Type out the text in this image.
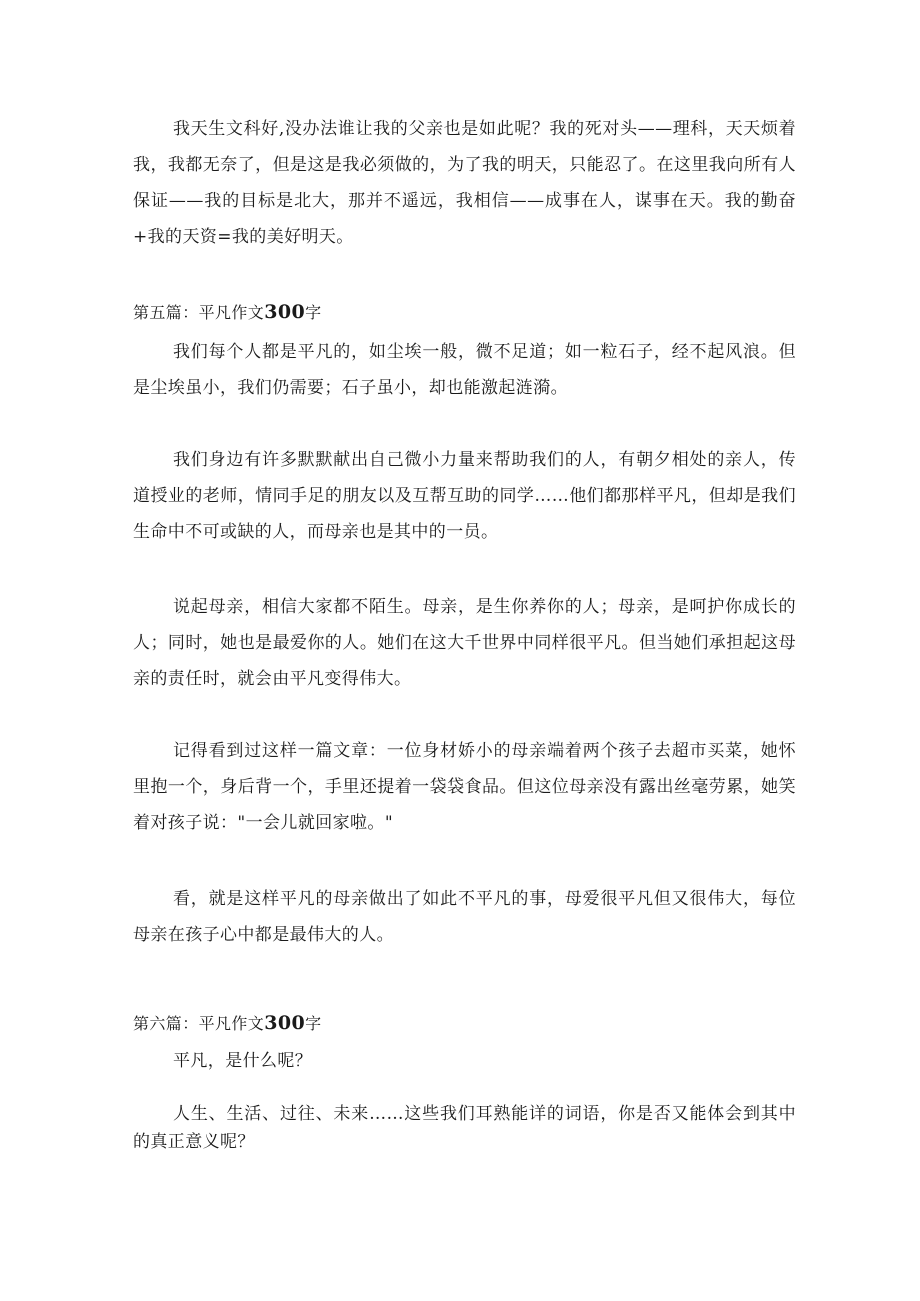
我天生文科好,没办法谁让我的父亲也是如此呢？我的死对头——理科，天天烦着我，我都无奈了，但是这是我必须做的，为了我的明天，只能忍了。在这里我向所有人保证——我的目标是北大，那并不遥远，我相信——成事在人，谋事在天。我的勤奋+我的天资=我的美好明天。

第五篇：平凡作文300字

我们每个人都是平凡的，如尘埃一般，微不足道；如一粒石子，经不起风浪。但是尘埃虽小，我们仍需要；石子虽小，却也能激起涟漪。

我们身边有许多默默献出自己微小力量来帮助我们的人，有朝夕相处的亲人，传道授业的老师，情同手足的朋友以及互帮互助的同学……他们都那样平凡，但却是我们生命中不可或缺的人，而母亲也是其中的一员。

说起母亲，相信大家都不陌生。母亲，是生你养你的人；母亲，是呵护你成长的人；同时，她也是最爱你的人。她们在这大千世界中同样很平凡。但当她们承担起这母亲的责任时，就会由平凡变得伟大。

记得看到过这样一篇文章：一位身材娇小的母亲端着两个孩子去超市买菜，她怀里抱一个，身后背一个，手里还提着一袋袋食品。但这位母亲没有露出丝毫劳累，她笑着对孩子说："一会儿就回家啦。"

看，就是这样平凡的母亲做出了如此不平凡的事，母爱很平凡但又很伟大，每位母亲在孩子心中都是最伟大的人。

第六篇：平凡作文300字

平凡，是什么呢？

人生、生活、过往、未来……这些我们耳熟能详的词语，你是否又能体会到其中的真正意义呢？
